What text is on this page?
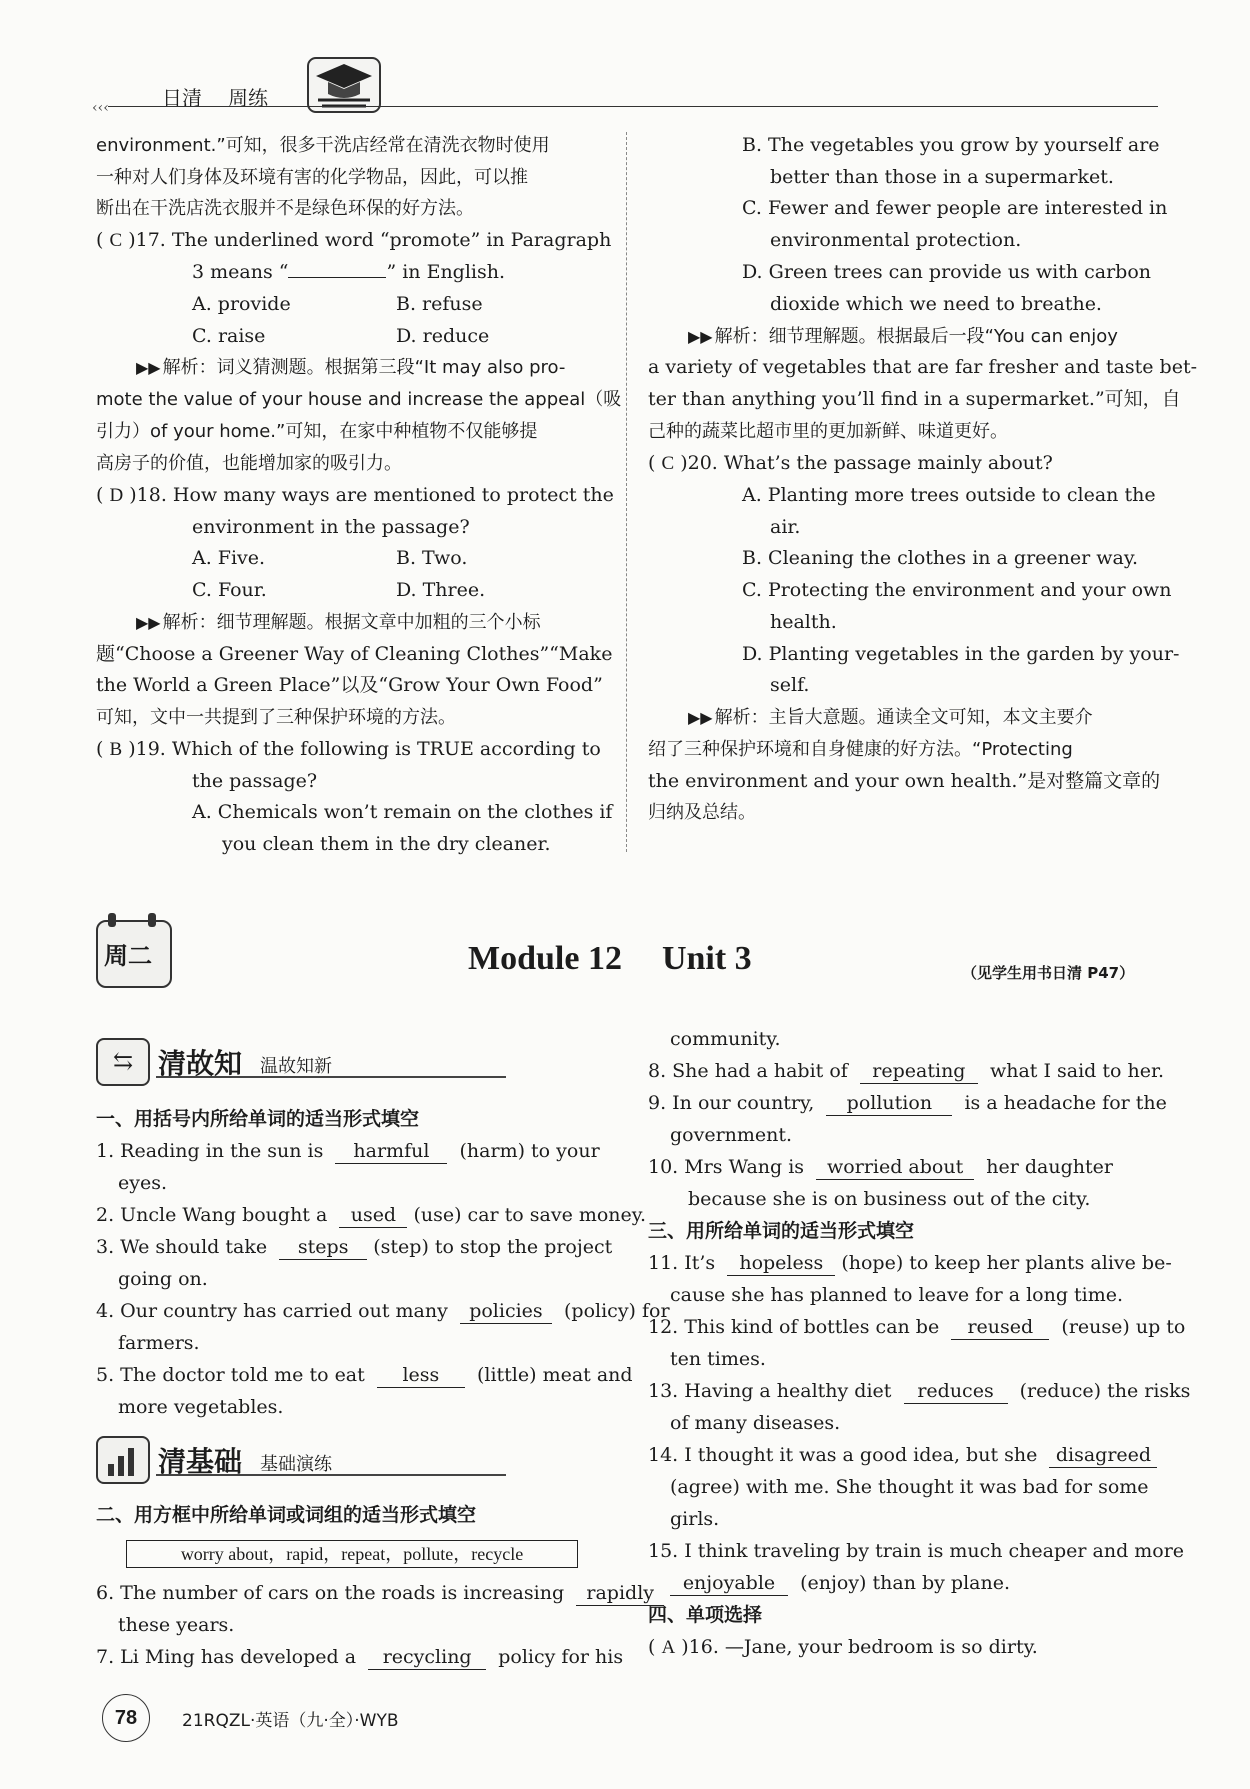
‹‹‹	日清 周练
environment.”可知，很多干洗店经常在清洗衣物时使用
一种对人们身体及环境有害的化学物品，因此，可以推
断出在干洗店洗衣服并不是绿色环保的好方法。
( C )17. The underlined word “promote” in Paragraph
3 means “	” in English.
A. provide	B. refuse
C. raise	D. reduce
▶▶ 解析：词义猜测题。根据第三段“It may also pro-
mote the value of your house and increase the appeal（吸
引力）of your home.”可知，在家中种植物不仅能够提
高房子的价值，也能增加家的吸引力。
( D )18. How many ways are mentioned to protect the
environment in the passage?
A. Five.	B. Two.
C. Four.	D. Three.
▶▶ 解析：细节理解题。根据文章中加粗的三个小标
题“Choose a Greener Way of Cleaning Clothes”“Make
the World a Green Place”以及“Grow Your Own Food”
可知，文中一共提到了三种保护环境的方法。
( B )19. Which of the following is TRUE according to
the passage?
A. Chemicals won’t remain on the clothes if
you clean them in the dry cleaner.
B. The vegetables you grow by yourself are
better than those in a supermarket.
C. Fewer and fewer people are interested in
environmental protection.
D. Green trees can provide us with carbon
dioxide which we need to breathe.
▶▶ 解析：细节理解题。根据最后一段“You can enjoy
a variety of vegetables that are far fresher and taste bet-
ter than anything you’ll find in a supermarket.”可知，自
己种的蔬菜比超市里的更加新鲜、味道更好。
( C )20. What’s the passage mainly about?
A. Planting more trees outside to clean the
air.
B. Cleaning the clothes in a greener way.
C. Protecting the environment and your own
health.
D. Planting vegetables in the garden by your-
self.
▶▶ 解析：主旨大意题。通读全文可知，本文主要介
绍了三种保护环境和自身健康的好方法。“Protecting
the environment and your own health.”是对整篇文章的
归纳及总结。
周二	Module 12 Unit 3	（见学生用书日清 P47）
⇆ 清故知 温故知新
一、用括号内所给单词的适当形式填空
1. Reading in the sun is harmful (harm) to your
eyes.
2. Uncle Wang bought a used (use) car to save money.
3. We should take steps (step) to stop the project
going on.
4. Our country has carried out many policies (policy) for
farmers.
5. The doctor told me to eat less (little) meat and
more vegetables.
清基础 基础演练
二、用方框中所给单词或词组的适当形式填空
worry about，rapid，repeat，pollute，recycle
6. The number of cars on the roads is increasing rapidly
these years.
7. Li Ming has developed a recycling policy for his
community.
8. She had a habit of repeating what I said to her.
9. In our country, pollution is a headache for the
government.
10. Mrs Wang is worried about her daughter
because she is on business out of the city.
三、用所给单词的适当形式填空
11. It’s hopeless (hope) to keep her plants alive be-
cause she has planned to leave for a long time.
12. This kind of bottles can be reused (reuse) up to
ten times.
13. Having a healthy diet reduces (reduce) the risks
of many diseases.
14. I thought it was a good idea, but she disagreed
(agree) with me. She thought it was bad for some
girls.
15. I think traveling by train is much cheaper and more
enjoyable (enjoy) than by plane.
四、单项选择
( A )16. —Jane, your bedroom is so dirty.
78	21RQZL·英语（九·全）·WYB
